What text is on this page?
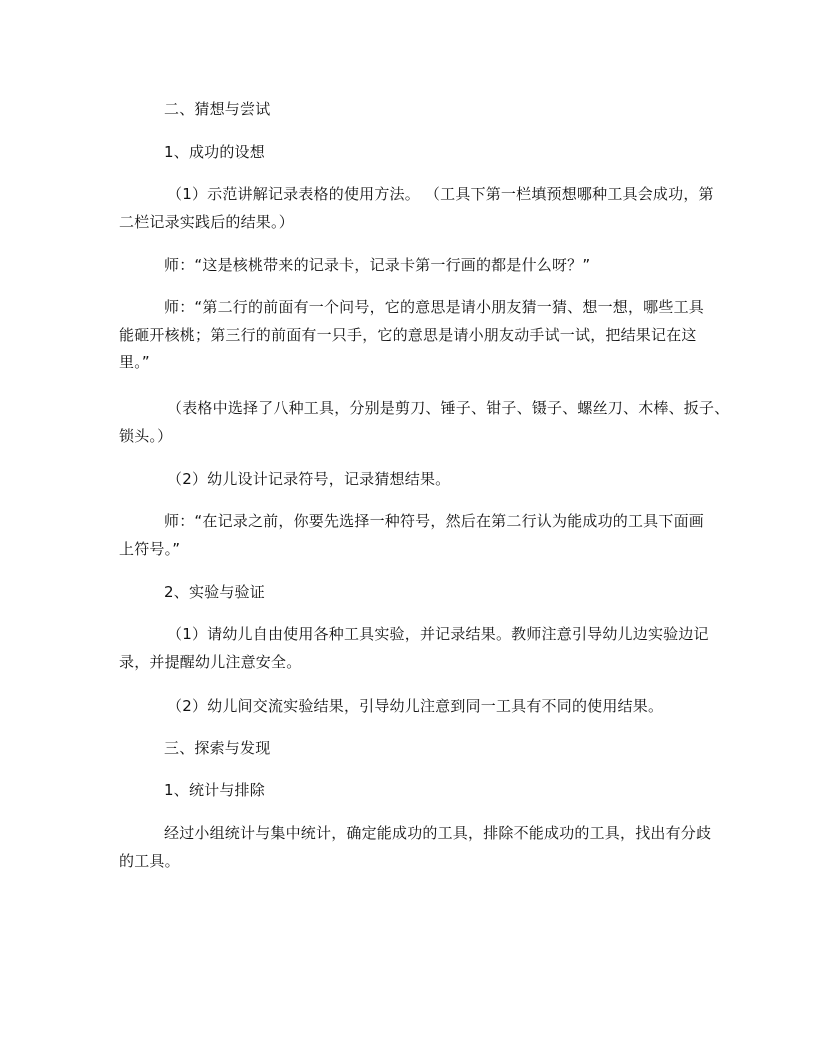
二、猜想与尝试

1、成功的设想

（1）示范讲解记录表格的使用方法。 （工具下第一栏填预想哪种工具会成功，第

二栏记录实践后的结果。）

师：“这是核桃带来的记录卡，记录卡第一行画的都是什么呀？”

师：“第二行的前面有一个问号，它的意思是请小朋友猜一猜、想一想，哪些工具

能砸开核桃；第三行的前面有一只手，它的意思是请小朋友动手试一试，把结果记在这

里。”

（表格中选择了八种工具，分别是剪刀、锤子、钳子、镊子、螺丝刀、木棒、扳子、

锁头。）

（2）幼儿设计记录符号，记录猜想结果。

师：“在记录之前，你要先选择一种符号，然后在第二行认为能成功的工具下面画

上符号。”

2、实验与验证

（1）请幼儿自由使用各种工具实验，并记录结果。教师注意引导幼儿边实验边记

录，并提醒幼儿注意安全。

（2）幼儿间交流实验结果，引导幼儿注意到同一工具有不同的使用结果。

三、探索与发现

1、统计与排除

经过小组统计与集中统计，确定能成功的工具，排除不能成功的工具，找出有分歧

的工具。
